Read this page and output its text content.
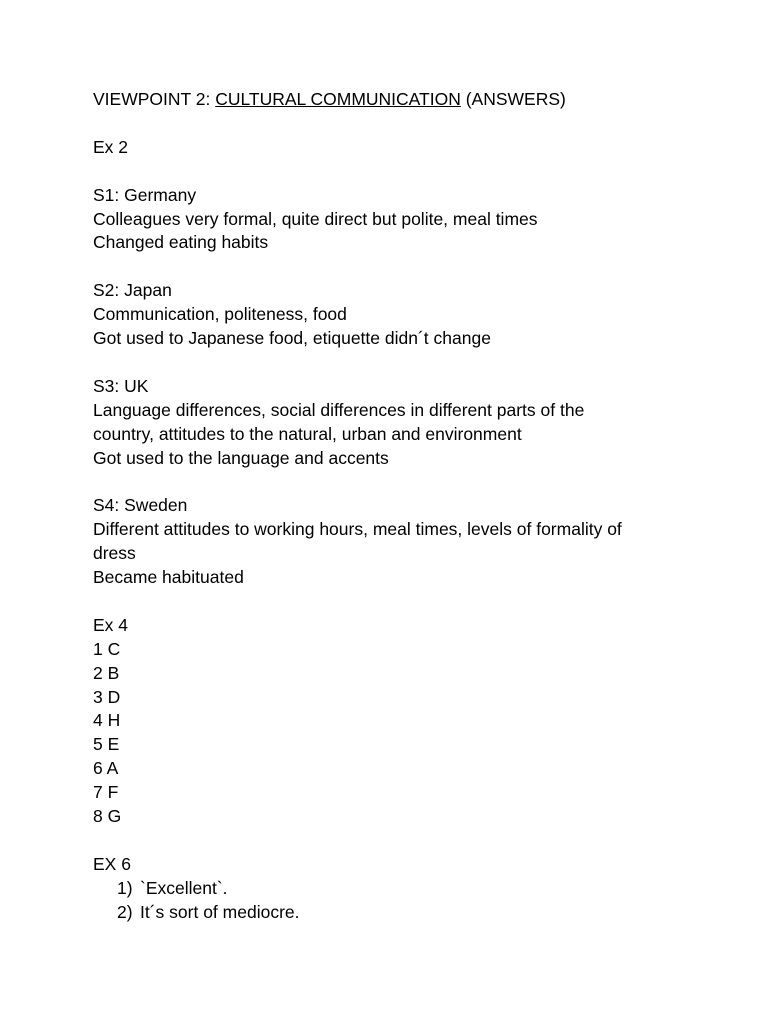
VIEWPOINT 2: CULTURAL COMMUNICATION (ANSWERS)

Ex 2

S1: Germany

Colleagues very formal, quite direct but polite, meal times

Changed eating habits

S2: Japan

Communication, politeness, food

Got used to Japanese food, etiquette didn´t change

S3: UK

Language differences, social differences in different parts of the country, attitudes to the natural, urban and environment

Got used to the language and accents

S4: Sweden

Different attitudes to working hours, meal times, levels of formality of dress

Became habituated

Ex 4

1 C

2 B

3 D

4 H

5 E

6 A

7 F

8 G

EX 6

1) `Excellent`.
2) It´s sort of mediocre.
